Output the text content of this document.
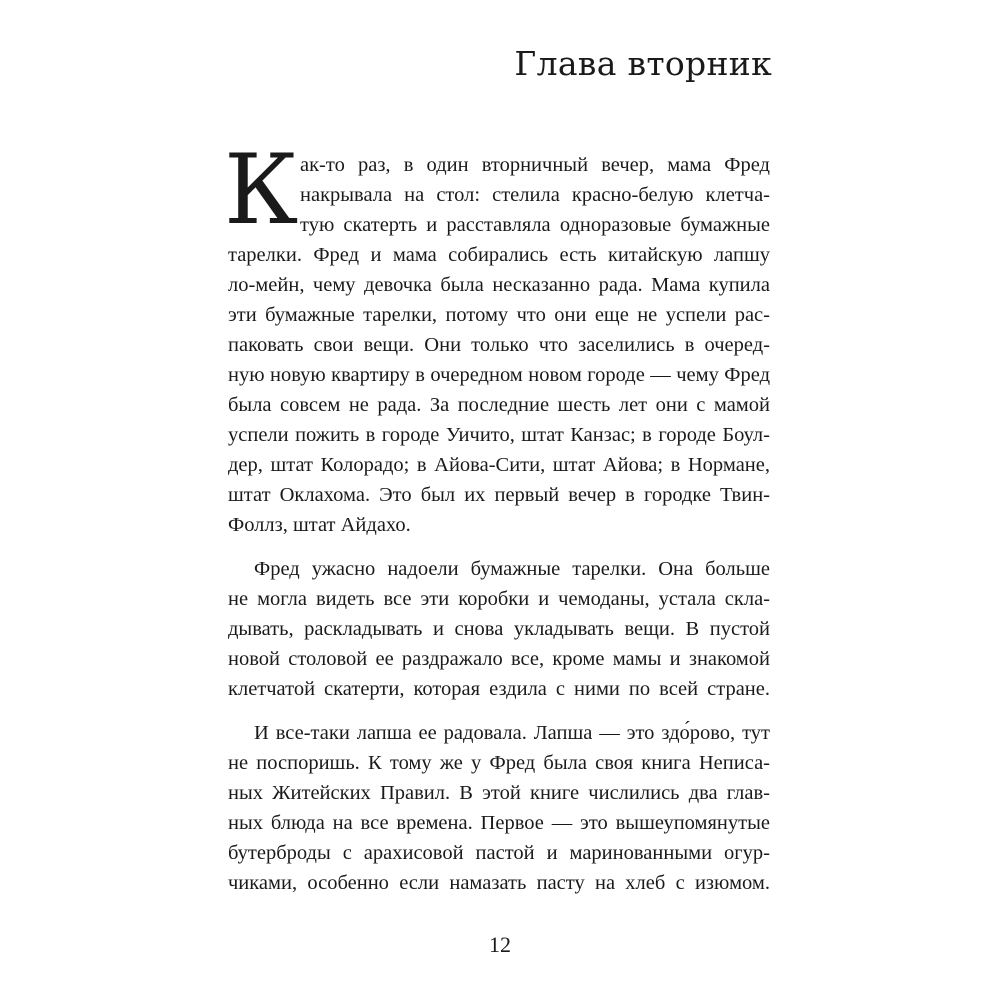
Глава вторник
К ак-то раз, в один вторничный вечер, мама Фред
накрывала на стол: стелила красно-белую клетча-
тую скатерть и расставляла одноразовые бумажные
тарелки. Фред и мама собирались есть китайскую лапшу
ло-мейн, чему девочка была несказанно рада. Мама купила
эти бумажные тарелки, потому что они еще не успели рас-
паковать свои вещи. Они только что заселились в очеред-
ную новую квартиру в очередном новом городе — чему Фред
была совсем не рада. За последние шесть лет они с мамой
успели пожить в городе Уичито, штат Канзас; в городе Боул-
дер, штат Колорадо; в Айова-Сити, штат Айова; в Нормане,
штат Оклахома. Это был их первый вечер в городке Твин-
Фоллз, штат Айдахо.
Фред ужасно надоели бумажные тарелки. Она больше
не могла видеть все эти коробки и чемоданы, устала скла-
дывать, раскладывать и снова укладывать вещи. В пустой
новой столовой ее раздражало все, кроме мамы и знакомой
клетчатой скатерти, которая ездила с ними по всей стране.
И все-таки лапша ее радовала. Лапша — это здо́рово, тут
не поспоришь. К тому же у Фред была своя книга Неписа-
ных Житейских Правил. В этой книге числились два глав-
ных блюда на все времена. Первое — это вышеупомянутые
бутерброды с арахисовой пастой и маринованными огур-
чиками, особенно если намазать пасту на хлеб с изюмом.
12
